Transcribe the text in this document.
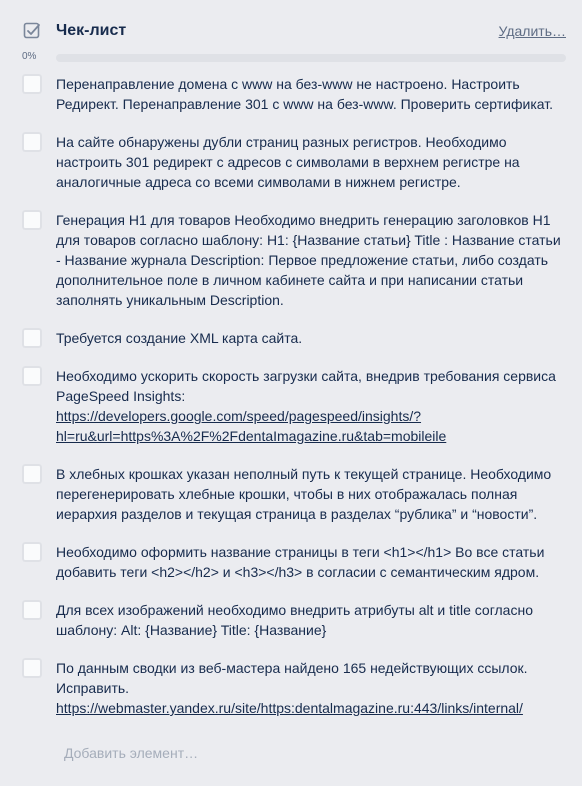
Чек-лист	Удалить…
0%
Перенаправление домена с www на без-www не настроено. Настроить Редирект. Перенаправление 301 с www на без-www. Проверить сертификат.
На сайте обнаружены дубли страниц разных регистров. Необходимо настроить 301 редирект с адресов с символами в верхнем регистре на аналогичные адреса со всеми символами в нижнем регистре.
Генерация H1 для товаров Необходимо внедрить генерацию заголовков H1 для товаров согласно шаблону: H1: {Название статьи} Title : Название статьи - Название журнала Description: Первое предложение статьи, либо создать дополнительное поле в личном кабинете сайта и при написании статьи заполнять уникальным Description.
Требуется создание XML карта сайта.
Необходимо ускорить скорость загрузки сайта, внедрив требования сервиса PageSpeed Insights:
https://developers.google.com/speed/pagespeed/insights/?
hl=ru&url=https%3A%2F%2FdentaImagazine.ru&tab=mobileile
В хлебных крошках указан неполный путь к текущей странице. Необходимо перегенерировать хлебные крошки, чтобы в них отображалась полная иерархия разделов и текущая страница в разделах “рублика” и “новости”.
Необходимо оформить название страницы в теги <h1></h1> Во все статьи добавить теги <h2></h2> и <h3></h3> в согласии с семантическим ядром.
Для всех изображений необходимо внедрить атрибуты alt и title согласно шаблону: Alt: {Название} Title: {Название}
По данным сводки из веб-мастера найдено 165 недействующих ссылок. Исправить.
https://webmaster.yandex.ru/site/https:dentalmagazine.ru:443/links/internal/
Добавить элемент…
